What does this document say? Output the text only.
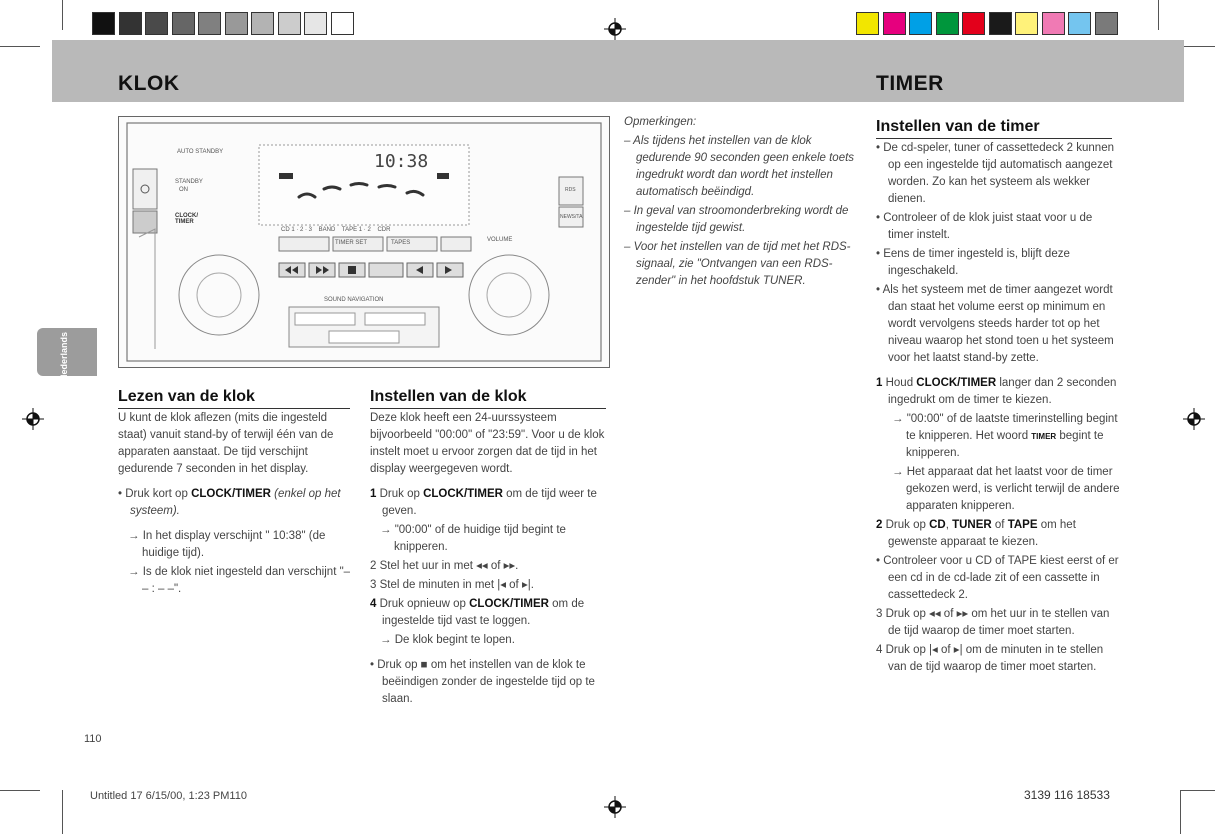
KLOK	TIMER
Nederlands
10:38
AUTO STANDBY
STANDBY
ON
CLOCK/ TIMER
CD 1 · 2 · 3    BAND    TAPE 1 · 2    CDR
TIMER SET	TAPES	VOLUME
SOUND NAVIGATION
RDS
NEWS/TA
Lezen van de klok

U kunt de klok aflezen (mits die ingesteld staat) vanuit stand-by of terwijl één van de apparaten aanstaat. De tijd verschijnt gedurende 7 seconden in het display.

• Druk kort op CLOCK/TIMER (enkel op het systeem).

→ In het display verschijnt " 10:38" (de huidige tijd).

→ Is de klok niet ingesteld dan verschijnt "– – : – –".

Instellen van de klok

Deze klok heeft een 24-uurssysteem bijvoorbeeld "00:00" of "23:59". Voor u de klok instelt moet u ervoor zorgen dat de tijd in het display weergegeven wordt.

1 Druk op CLOCK/TIMER om de tijd weer te geven.

→ "00:00" of de huidige tijd begint te knipperen.

2 Stel het uur in met ◂◂ of ▸▸.

3 Stel de minuten in met |◂ of ▸|.

4 Druk opnieuw op CLOCK/TIMER om de ingestelde tijd vast te loggen.

→ De klok begint te lopen.

• Druk op ■ om het instellen van de klok te beëindigen zonder de ingestelde tijd op te slaan.

Opmerkingen:

– Als tijdens het instellen van de klok gedurende 90 seconden geen enkele toets ingedrukt wordt dan wordt het instellen automatisch beëindigd.

– In geval van stroomonderbreking wordt de ingestelde tijd gewist.

– Voor het instellen van de tijd met het RDS-signaal, zie "Ontvangen van een RDS-zender" in het hoofdstuk TUNER.

Instellen van de timer

• De cd-speler, tuner of cassettedeck 2 kunnen op een ingestelde tijd automatisch aangezet worden. Zo kan het systeem als wekker dienen.

• Controleer of de klok juist staat voor u de timer instelt.

• Eens de timer ingesteld is, blijft deze ingeschakeld.

• Als het systeem met de timer aangezet wordt dan staat het volume eerst op minimum en wordt vervolgens steeds harder tot op het niveau waarop het stond toen u het systeem voor het laatst stand-by zette.

1 Houd CLOCK/TIMER langer dan 2 seconden ingedrukt om de timer te kiezen.

→ "00:00" of de laatste timerinstelling begint te knipperen. Het woord TIMER begint te knipperen.

→ Het apparaat dat het laatst voor de timer gekozen werd, is verlicht terwijl de andere apparaten knipperen.

2 Druk op CD, TUNER of TAPE om het gewenste apparaat te kiezen.

• Controleer voor u CD of TAPE kiest eerst of er een cd in de cd-lade zit of een cassette in cassettedeck 2.

3 Druk op ◂◂ of ▸▸ om het uur in te stellen van de tijd waarop de timer moet starten.

4 Druk op |◂ of ▸| om de minuten in te stellen van de tijd waarop de timer moet starten.

110
Untitled 17 6/15/00, 1:23 PM110	3139 116 18533
